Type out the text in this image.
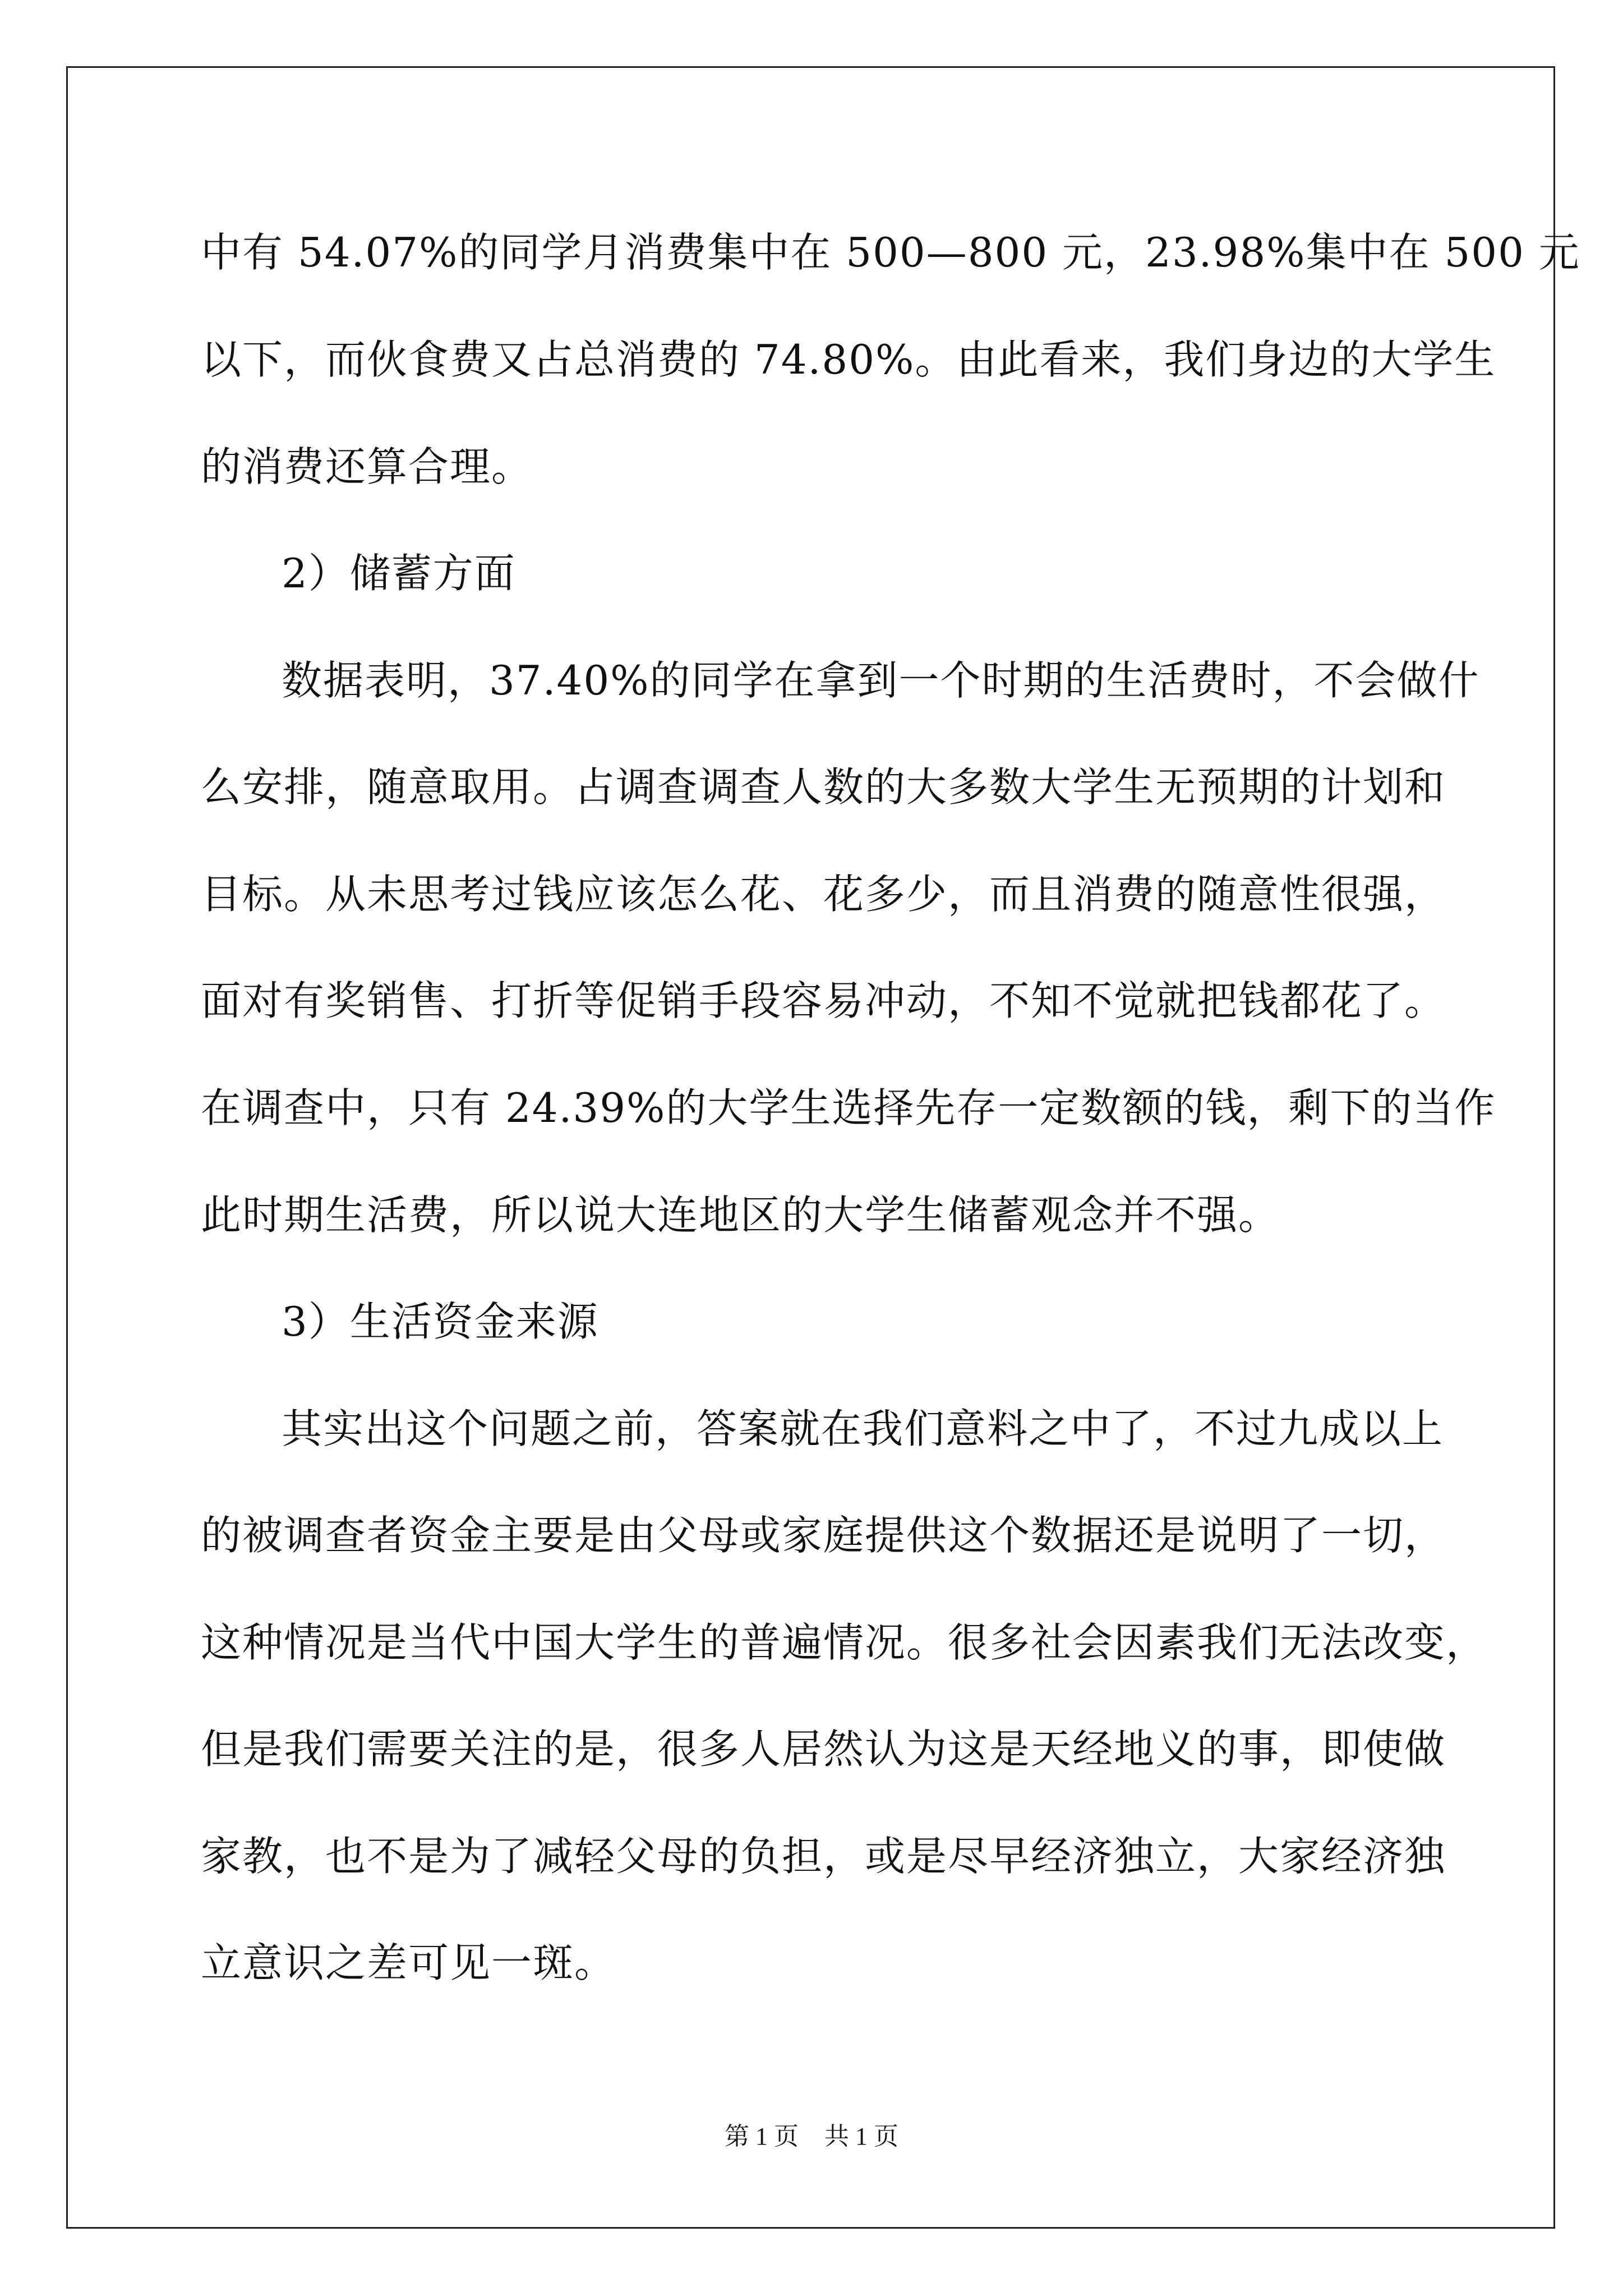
中有 54.07%的同学月消费集中在 500—800 元，23.98%集中在 500 元
以下，而伙食费又占总消费的 74.80%。由此看来，我们身边的大学生
的消费还算合理。
2）储蓄方面
数据表明，37.40%的同学在拿到一个时期的生活费时，不会做什
么安排，随意取用。占调查调查人数的大多数大学生无预期的计划和
目标。从未思考过钱应该怎么花、花多少，而且消费的随意性很强，
面对有奖销售、打折等促销手段容易冲动，不知不觉就把钱都花了。
在调查中，只有 24.39%的大学生选择先存一定数额的钱，剩下的当作
此时期生活费，所以说大连地区的大学生储蓄观念并不强。
3）生活资金来源
其实出这个问题之前，答案就在我们意料之中了，不过九成以上
的被调查者资金主要是由父母或家庭提供这个数据还是说明了一切，
这种情况是当代中国大学生的普遍情况。很多社会因素我们无法改变，
但是我们需要关注的是，很多人居然认为这是天经地义的事，即使做
家教，也不是为了减轻父母的负担，或是尽早经济独立，大家经济独
立意识之差可见一斑。
第 1 页 共 1 页
